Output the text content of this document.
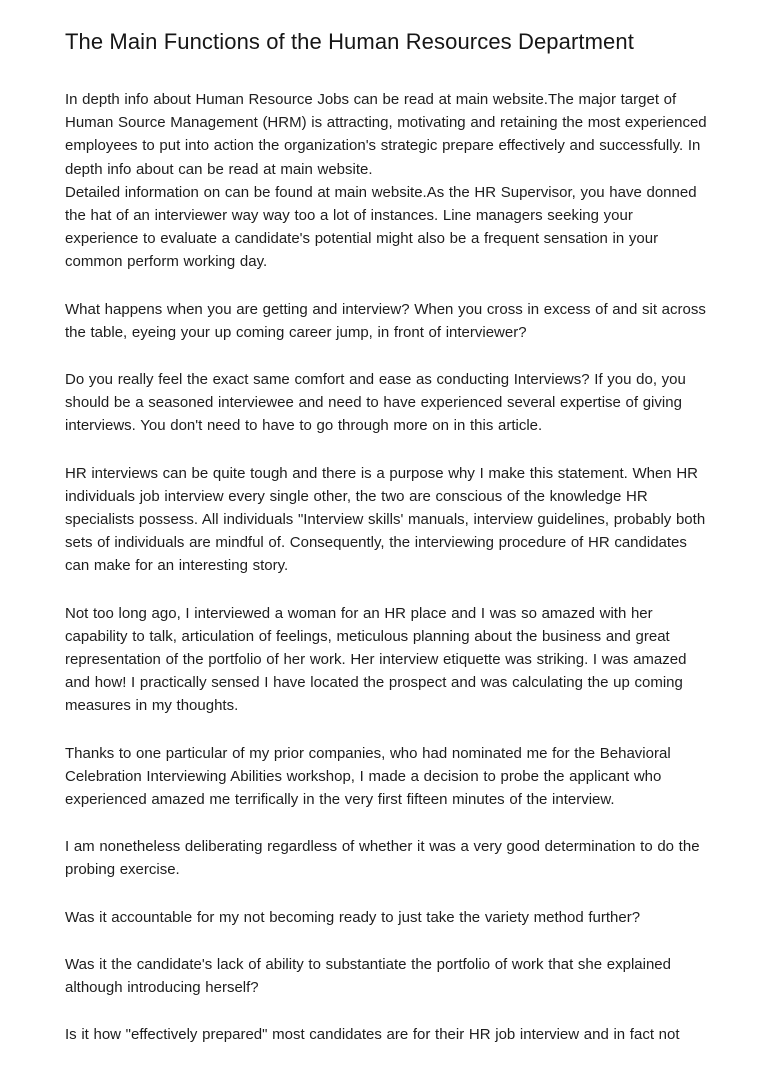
The Main Functions of the Human Resources Department

In depth info about Human Resource Jobs can be read at main website.The major target of Human Source Management (HRM) is attracting, motivating and retaining the most experienced employees to put into action the organization's strategic prepare effectively and successfully. In depth info about can be read at main website.
Detailed information on can be found at main website.As the HR Supervisor, you have donned the hat of an interviewer way way too a lot of instances. Line managers seeking your experience to evaluate a candidate's potential might also be a frequent sensation in your common perform working day.

What happens when you are getting and interview? When you cross in excess of and sit across the table, eyeing your up coming career jump, in front of interviewer?

Do you really feel the exact same comfort and ease as conducting Interviews? If you do, you should be a seasoned interviewee and need to have experienced several expertise of giving interviews. You don't need to have to go through more on in this article.

HR interviews can be quite tough and there is a purpose why I make this statement. When HR individuals job interview every single other, the two are conscious of the knowledge HR specialists possess. All individuals "Interview skills' manuals, interview guidelines, probably both sets of individuals are mindful of. Consequently, the interviewing procedure of HR candidates can make for an interesting story.

Not too long ago, I interviewed a woman for an HR place and I was so amazed with her capability to talk, articulation of feelings, meticulous planning about the business and great representation of the portfolio of her work. Her interview etiquette was striking. I was amazed and how! I practically sensed I have located the prospect and was calculating the up coming measures in my thoughts.

Thanks to one particular of my prior companies, who had nominated me for the Behavioral Celebration Interviewing Abilities workshop, I made a decision to probe the applicant who experienced amazed me terrifically in the very first fifteen minutes of the interview.

I am nonetheless deliberating regardless of whether it was a very good determination to do the probing exercise.

Was it accountable for my not becoming ready to just take the variety method further?

Was it the candidate's lack of ability to substantiate the portfolio of work that she explained although introducing herself?

Is it how "effectively prepared" most candidates are for their HR job interview and in fact not
